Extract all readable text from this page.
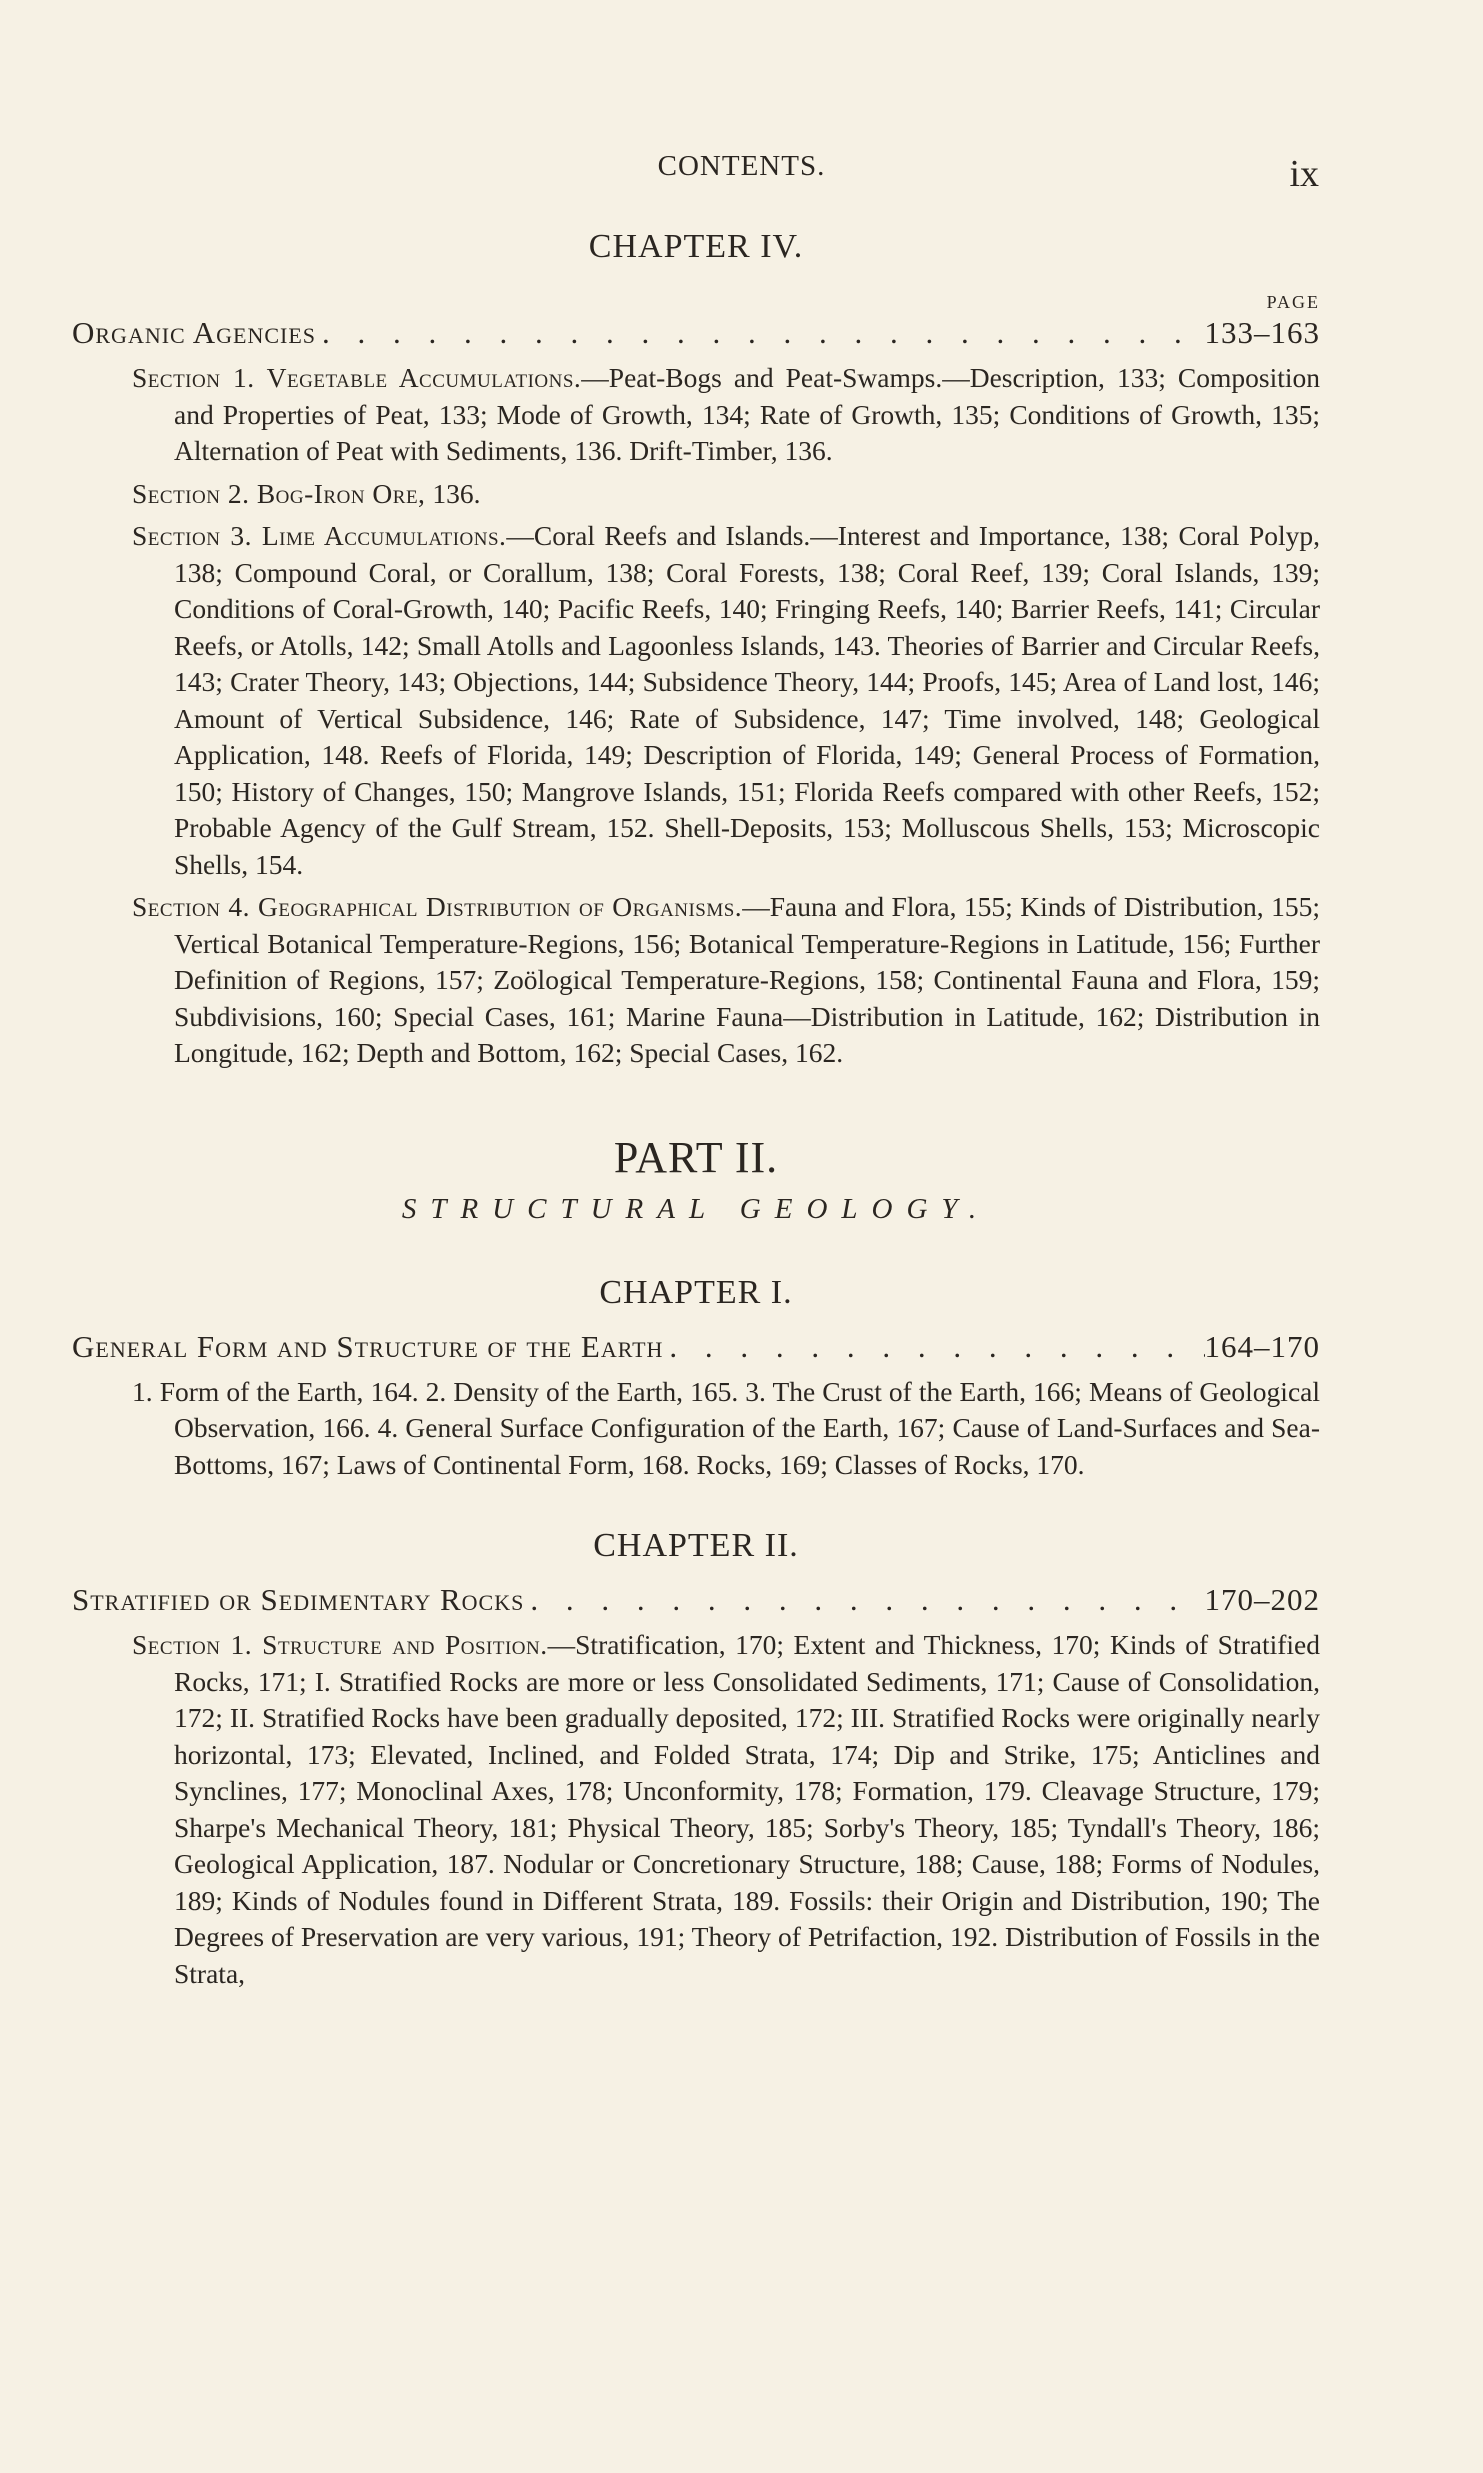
CONTENTS.	ix
CHAPTER IV.
PAGE
Organic Agencies . . .	133–163
Section 1. Vegetable Accumulations.—Peat-Bogs and Peat-Swamps.—Description, 133; Composition and Properties of Peat, 133; Mode of Growth, 134; Rate of Growth, 135; Conditions of Growth, 135; Alternation of Peat with Sediments, 136. Drift-Timber, 136.
Section 2. Bog-Iron Ore, 136.
Section 3. Lime Accumulations.—Coral Reefs and Islands.—Interest and Importance, 138; Coral Polyp, 138; Compound Coral, or Corallum, 138; Coral Forests, 138; Coral Reef, 139; Coral Islands, 139; Conditions of Coral-Growth, 140; Pacific Reefs, 140; Fringing Reefs, 140; Barrier Reefs, 141; Circular Reefs, or Atolls, 142; Small Atolls and Lagoonless Islands, 143. Theories of Barrier and Circular Reefs, 143; Crater Theory, 143; Objections, 144; Subsidence Theory, 144; Proofs, 145; Area of Land lost, 146; Amount of Vertical Subsidence, 146; Rate of Subsidence, 147; Time involved, 148; Geological Application, 148. Reefs of Florida, 149; Description of Florida, 149; General Process of Formation, 150; History of Changes, 150; Mangrove Islands, 151; Florida Reefs compared with other Reefs, 152; Probable Agency of the Gulf Stream, 152. Shell-Deposits, 153; Molluscous Shells, 153; Microscopic Shells, 154.
Section 4. Geographical Distribution of Organisms.—Fauna and Flora, 155; Kinds of Distribution, 155; Vertical Botanical Temperature-Regions, 156; Botanical Temperature-Regions in Latitude, 156; Further Definition of Regions, 157; Zoölogical Temperature-Regions, 158; Continental Fauna and Flora, 159; Subdivisions, 160; Special Cases, 161; Marine Fauna—Distribution in Latitude, 162; Distribution in Longitude, 162; Depth and Bottom, 162; Special Cases, 162.
PART II.
STRUCTURAL GEOLOGY.
CHAPTER I.
General Form and Structure of the Earth . . .	164–170
1. Form of the Earth, 164. 2. Density of the Earth, 165. 3. The Crust of the Earth, 166; Means of Geological Observation, 166. 4. General Surface Configuration of the Earth, 167; Cause of Land-Surfaces and Sea-Bottoms, 167; Laws of Continental Form, 168. Rocks, 169; Classes of Rocks, 170.
CHAPTER II.
Stratified or Sedimentary Rocks . . .	170–202
Section 1. Structure and Position.—Stratification, 170; Extent and Thickness, 170; Kinds of Stratified Rocks, 171; I. Stratified Rocks are more or less Consolidated Sediments, 171; Cause of Consolidation, 172; II. Stratified Rocks have been gradually deposited, 172; III. Stratified Rocks were originally nearly horizontal, 173; Elevated, Inclined, and Folded Strata, 174; Dip and Strike, 175; Anticlines and Synclines, 177; Monoclinal Axes, 178; Unconformity, 178; Formation, 179. Cleavage Structure, 179; Sharpe's Mechanical Theory, 181; Physical Theory, 185; Sorby's Theory, 185; Tyndall's Theory, 186; Geological Application, 187. Nodular or Concretionary Structure, 188; Cause, 188; Forms of Nodules, 189; Kinds of Nodules found in Different Strata, 189. Fossils: their Origin and Distribution, 190; The Degrees of Preservation are very various, 191; Theory of Petrifaction, 192. Distribution of Fossils in the Strata,
